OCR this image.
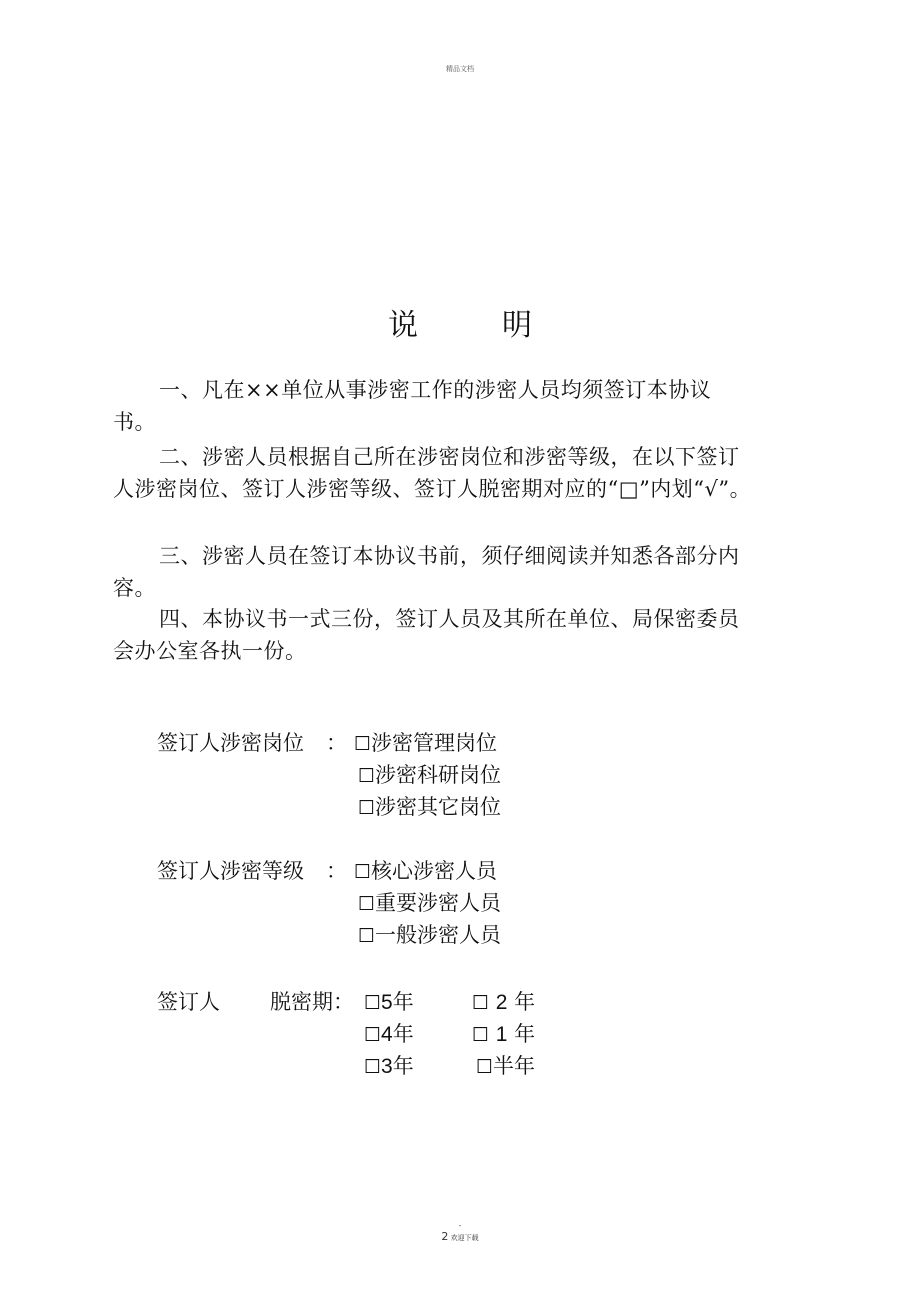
精品文档
说明
一、凡在××单位从事涉密工作的涉密人员均须签订本协议书。
二、涉密人员根据自己所在涉密岗位和涉密等级，在以下签订人涉密岗位、签订人涉密等级、签订人脱密期对应的“□”内划“√”。
三、涉密人员在签订本协议书前，须仔细阅读并知悉各部分内容。
四、本协议书一式三份，签订人员及其所在单位、局保密委员会办公室各执一份。
签订人涉密岗位 ： ☐涉密管理岗位
☐涉密科研岗位
☐涉密其它岗位
签订人涉密等级 ： ☐核心涉密人员
☐重要涉密人员
☐一般涉密人员
签订人 脱密期： ☐5年
☐4年
☐3年
☐ 2 年
☐ 1 年
☐半年
-
2 欢迎下载
